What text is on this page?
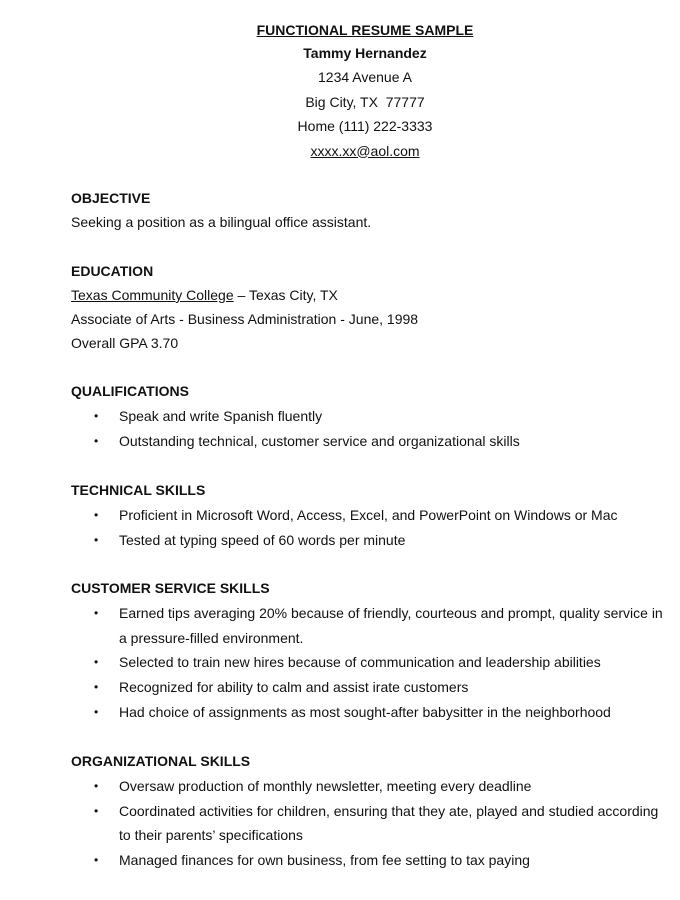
FUNCTIONAL RESUME SAMPLE
Tammy Hernandez
1234 Avenue A
Big City, TX  77777
Home (111) 222-3333
xxxx.xx@aol.com
OBJECTIVE
Seeking a position as a bilingual office assistant.
EDUCATION
Texas Community College – Texas City, TX
Associate of Arts - Business Administration - June, 1998
Overall GPA 3.70
QUALIFICATIONS
• Speak and write Spanish fluently
• Outstanding technical, customer service and organizational skills
TECHNICAL SKILLS
• Proficient in Microsoft Word, Access, Excel, and PowerPoint on Windows or Mac
• Tested at typing speed of 60 words per minute
CUSTOMER SERVICE SKILLS
• Earned tips averaging 20% because of friendly, courteous and prompt, quality service in a pressure-filled environment.
• Selected to train new hires because of communication and leadership abilities
• Recognized for ability to calm and assist irate customers
• Had choice of assignments as most sought-after babysitter in the neighborhood
ORGANIZATIONAL SKILLS
• Oversaw production of monthly newsletter, meeting every deadline
• Coordinated activities for children, ensuring that they ate, played and studied according to their parents’ specifications
• Managed finances for own business, from fee setting to tax paying
